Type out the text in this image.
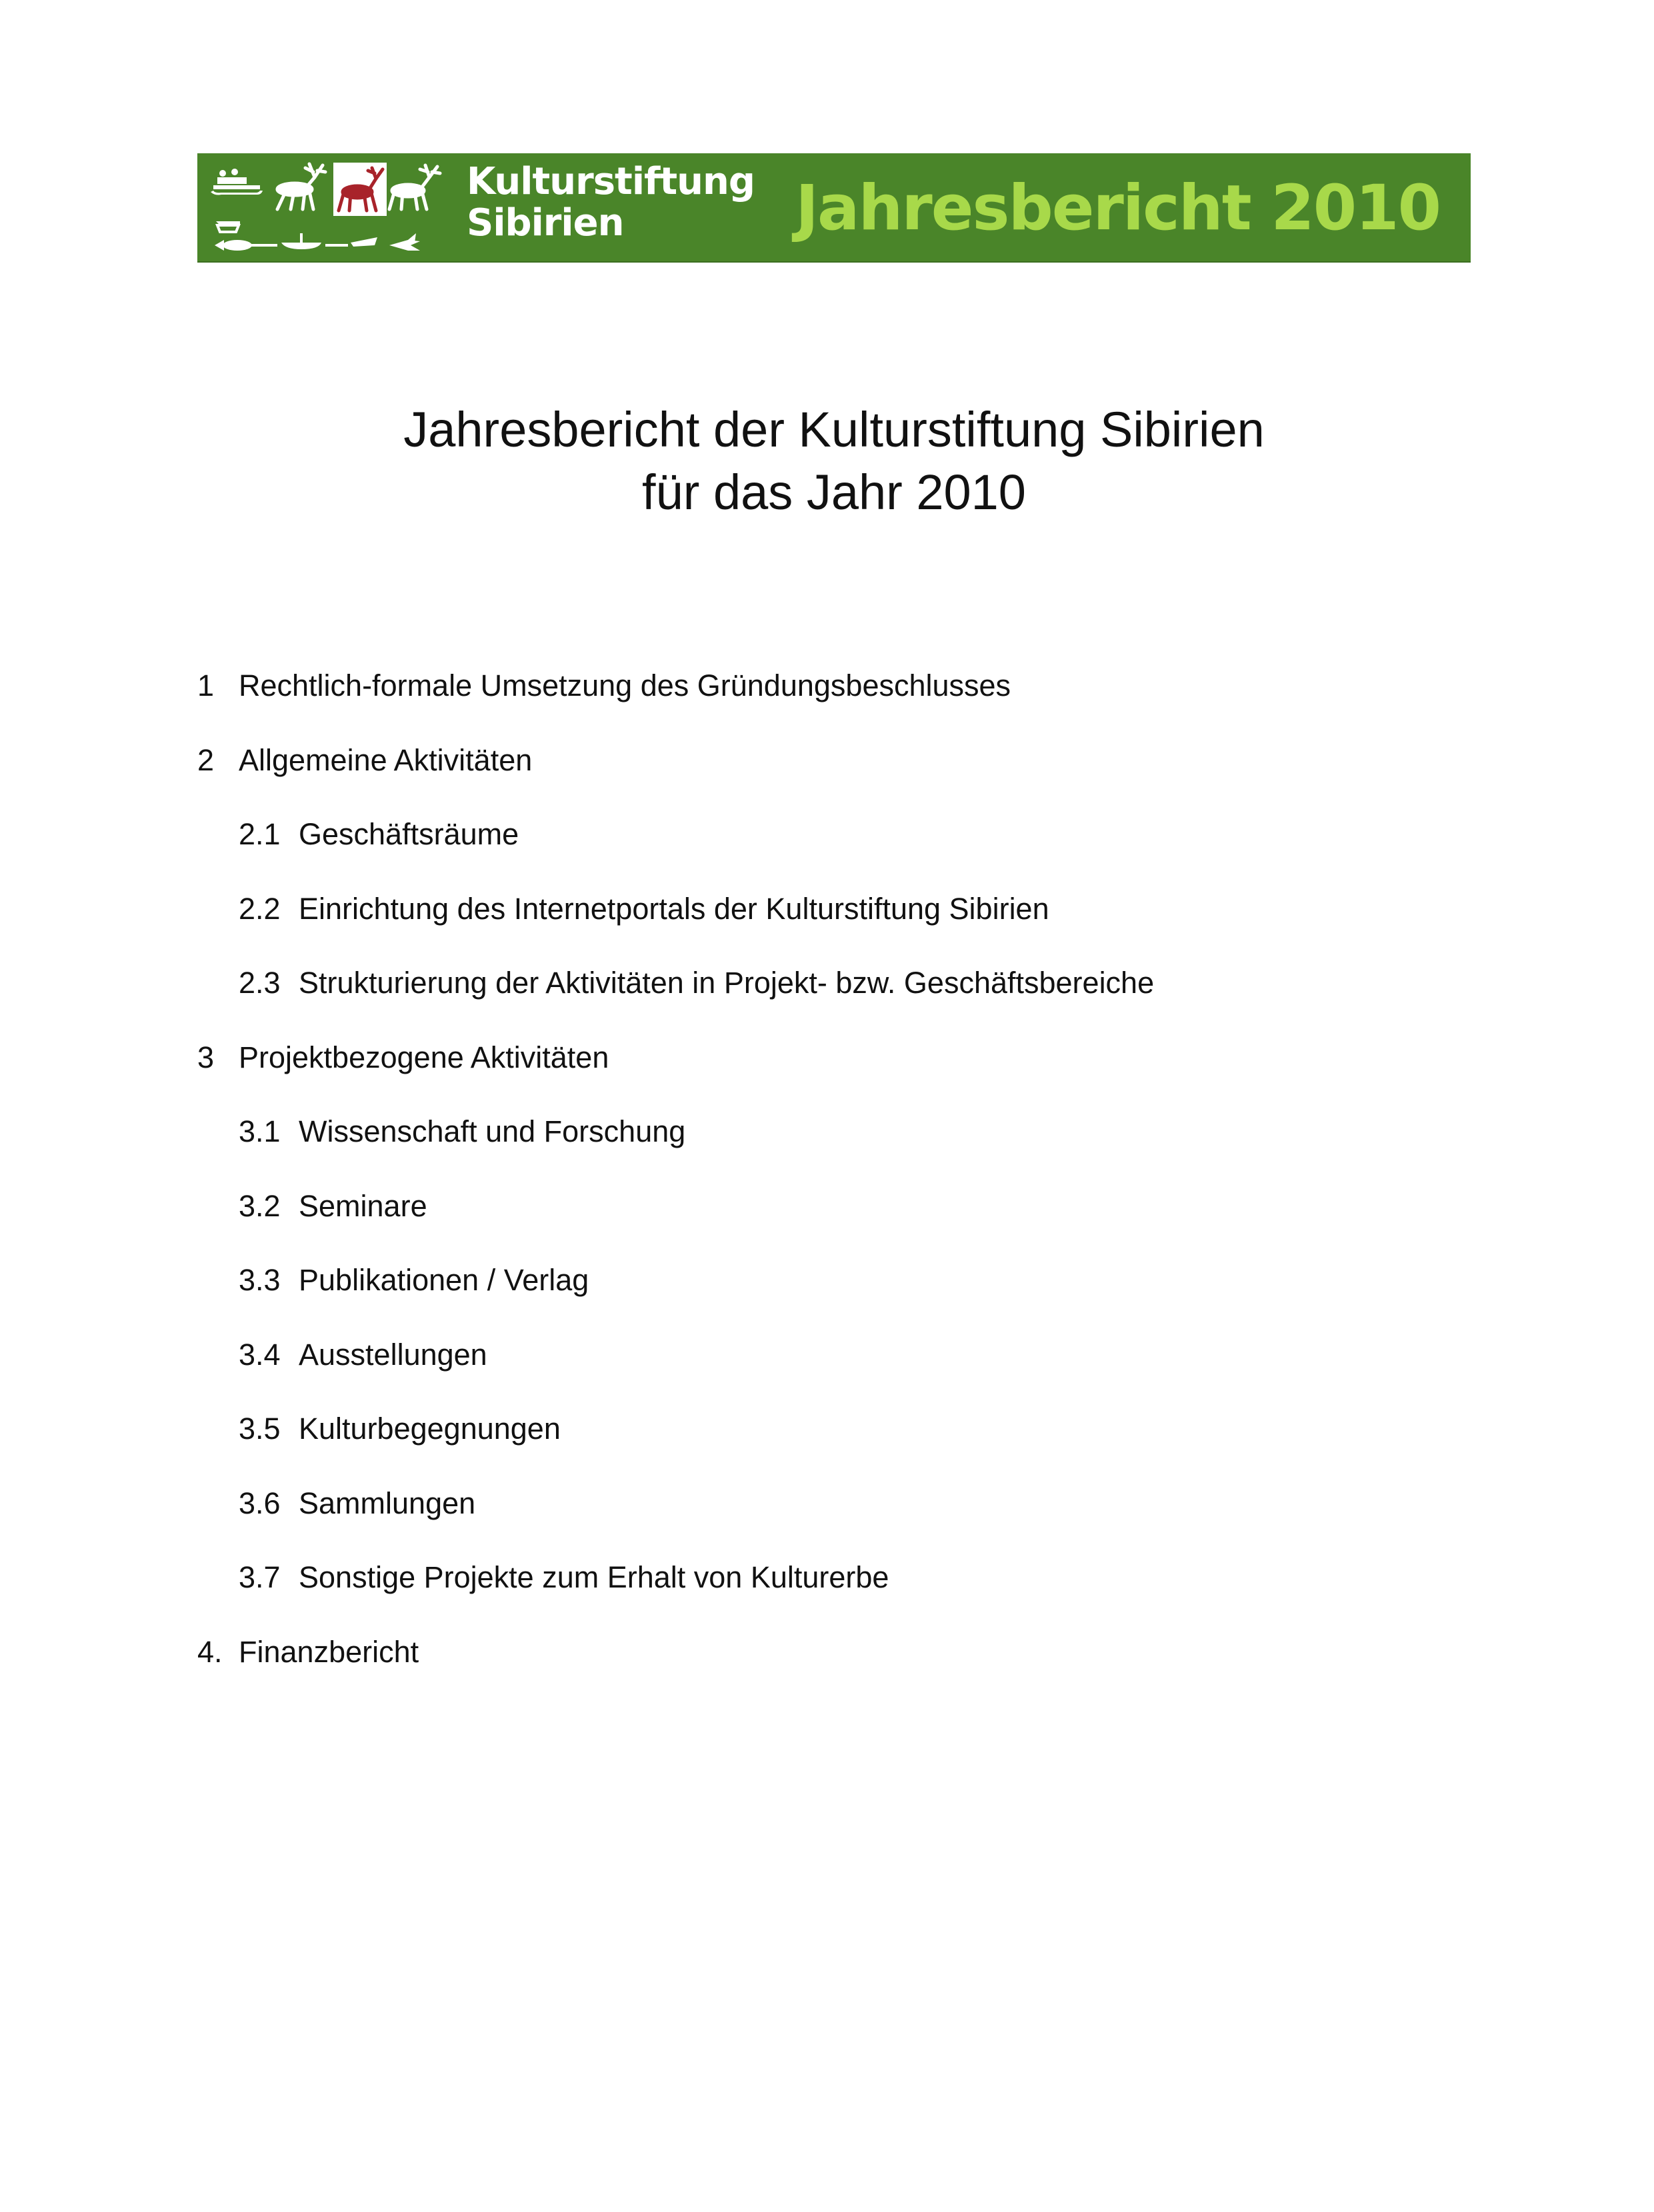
Kulturstiftung
Sibirien	Jahresbericht 2010
Jahresbericht der Kulturstiftung Sibirien
für das Jahr 2010
1 Rechtlich-formale Umsetzung des Gründungsbeschlusses
2 Allgemeine Aktivitäten
2.1 Geschäftsräume
2.2 Einrichtung des Internetportals der Kulturstiftung Sibirien
2.3 Strukturierung der Aktivitäten in Projekt- bzw. Geschäftsbereiche
3 Projektbezogene Aktivitäten
3.1 Wissenschaft und Forschung
3.2 Seminare
3.3 Publikationen / Verlag
3.4 Ausstellungen
3.5 Kulturbegegnungen
3.6 Sammlungen
3.7 Sonstige Projekte zum Erhalt von Kulturerbe
4. Finanzbericht
